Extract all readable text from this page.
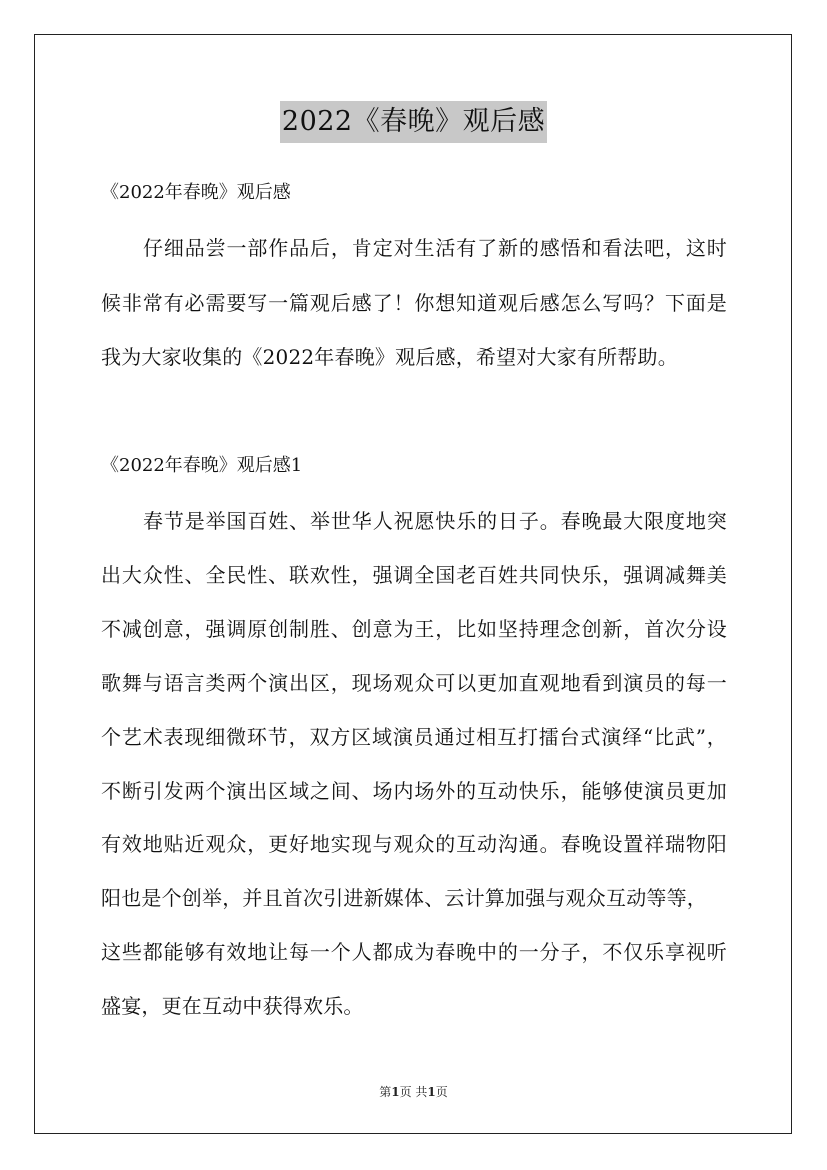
2022《春晚》观后感
《2022年春晚》观后感
仔细品尝一部作品后，肯定对生活有了新的感悟和看法吧，这时
候非常有必需要写一篇观后感了！你想知道观后感怎么写吗？下面是
我为大家收集的《2022年春晚》观后感，希望对大家有所帮助。
《2022年春晚》观后感1
春节是举国百姓、举世华人祝愿快乐的日子。春晚最大限度地突
出大众性、全民性、联欢性，强调全国老百姓共同快乐，强调减舞美
不减创意，强调原创制胜、创意为王，比如坚持理念创新，首次分设
歌舞与语言类两个演出区，现场观众可以更加直观地看到演员的每一
个艺术表现细微环节，双方区域演员通过相互打擂台式演绎“比武”，
不断引发两个演出区域之间、场内场外的互动快乐，能够使演员更加
有效地贴近观众，更好地实现与观众的互动沟通。春晚设置祥瑞物阳
阳也是个创举，并且首次引进新媒体、云计算加强与观众互动等等，
这些都能够有效地让每一个人都成为春晚中的一分子，不仅乐享视听
盛宴，更在互动中获得欢乐。
第1页 共1页
